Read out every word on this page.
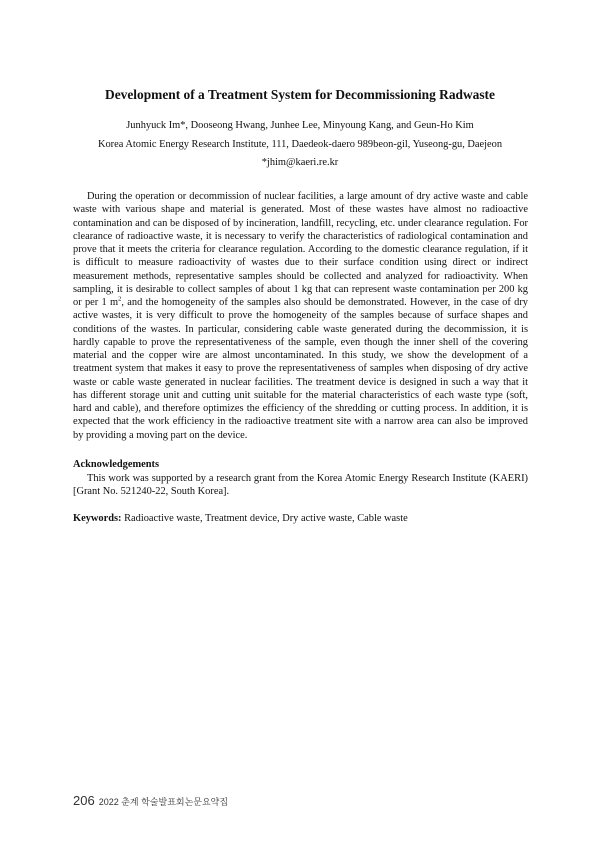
Development of a Treatment System for Decommissioning Radwaste
Junhyuck Im*, Dooseong Hwang, Junhee Lee, Minyoung Kang, and Geun-Ho Kim
Korea Atomic Energy Research Institute, 111, Daedeok-daero 989beon-gil, Yuseong-gu, Daejeon
*jhim@kaeri.re.kr

During the operation or decommission of nuclear facilities, a large amount of dry active waste and cable waste with various shape and material is generated. Most of these wastes have almost no radioactive contamination and can be disposed of by incineration, landfill, recycling, etc. under clearance regulation. For clearance of radioactive waste, it is necessary to verify the characteristics of radiological contamination and prove that it meets the criteria for clearance regulation. According to the domestic clearance regulation, if it is difficult to measure radioactivity of wastes due to their surface condition using direct or indirect measurement methods, representative samples should be collected and analyzed for radioactivity. When sampling, it is desirable to collect samples of about 1 kg that can represent waste contamination per 200 kg or per 1 $m^2$, and the homogeneity of the samples also should be demonstrated. However, in the case of dry active wastes, it is very difficult to prove the homogeneity of the samples because of surface shapes and conditions of the wastes. In particular, considering cable waste generated during the decommission, it is hardly capable to prove the representativeness of the sample, even though the inner shell of the covering material and the copper wire are almost uncontaminated. In this study, we show the development of a treatment system that makes it easy to prove the representativeness of samples when disposing of dry active waste or cable waste generated in nuclear facilities. The treatment device is designed in such a way that it has different storage unit and cutting unit suitable for the material characteristics of each waste type (soft, hard and cable), and therefore optimizes the efficiency of the shredding or cutting process. In addition, it is expected that the work efficiency in the radioactive treatment site with a narrow area can also be improved by providing a moving part on the device.

Acknowledgements

This work was supported by a research grant from the Korea Atomic Energy Research Institute (KAERI) [Grant No. 521240-22, South Korea].

Keywords: Radioactive waste, Treatment device, Dry active waste, Cable waste
206 2022 춘계 학술발표회논문요약집
